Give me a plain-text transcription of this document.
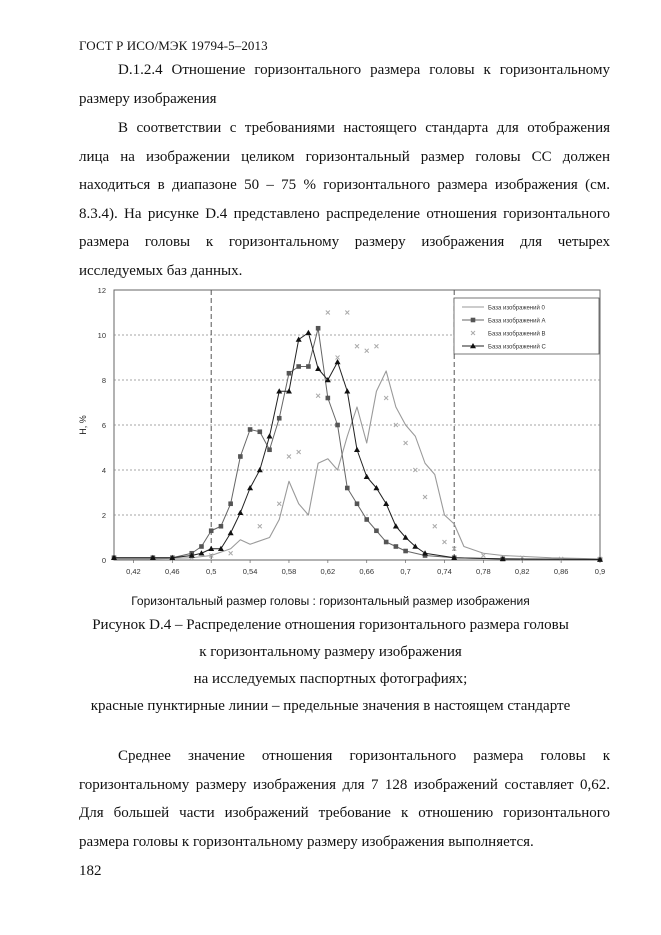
ГОСТ Р ИСО/МЭК 19794-5–2013

D.1.2.4 Отношение горизонтального размера головы к горизонтальному размеру изображения

В соответствии с требованиями настоящего стандарта для отображения лица на изображении целиком горизонтальный размер головы CC должен находиться в диапазоне 50 – 75 % горизонтального размера изображения (см. 8.3.4). На рисунке D.4 представлено распределение отношения горизонтального размера головы к горизонтальному размеру изображения для четырех исследуемых баз данных.

0
2
4
6
8
10
12
0,42	0,46	0,5	0,54	0,58	0,62	0,66	0,7	0,74	0,78	0,82	0,86	0,9
H, %
База изображений 0
База изображений A
База изображений B
База изображений C
Горизонтальный размер головы : горизонтальный размер изображения
Рисунок D.4 – Распределение отношения горизонтального размера головы
к горизонтальному размеру изображения
на исследуемых паспортных фотографиях;
красные пунктирные линии – предельные значения в настоящем стандарте

Среднее значение отношения горизонтального размера головы к горизонтальному размеру изображения для 7 128 изображений составляет 0,62. Для большей части изображений требование к отношению горизонтального размера головы к горизонтальному размеру изображения выполняется.

182
